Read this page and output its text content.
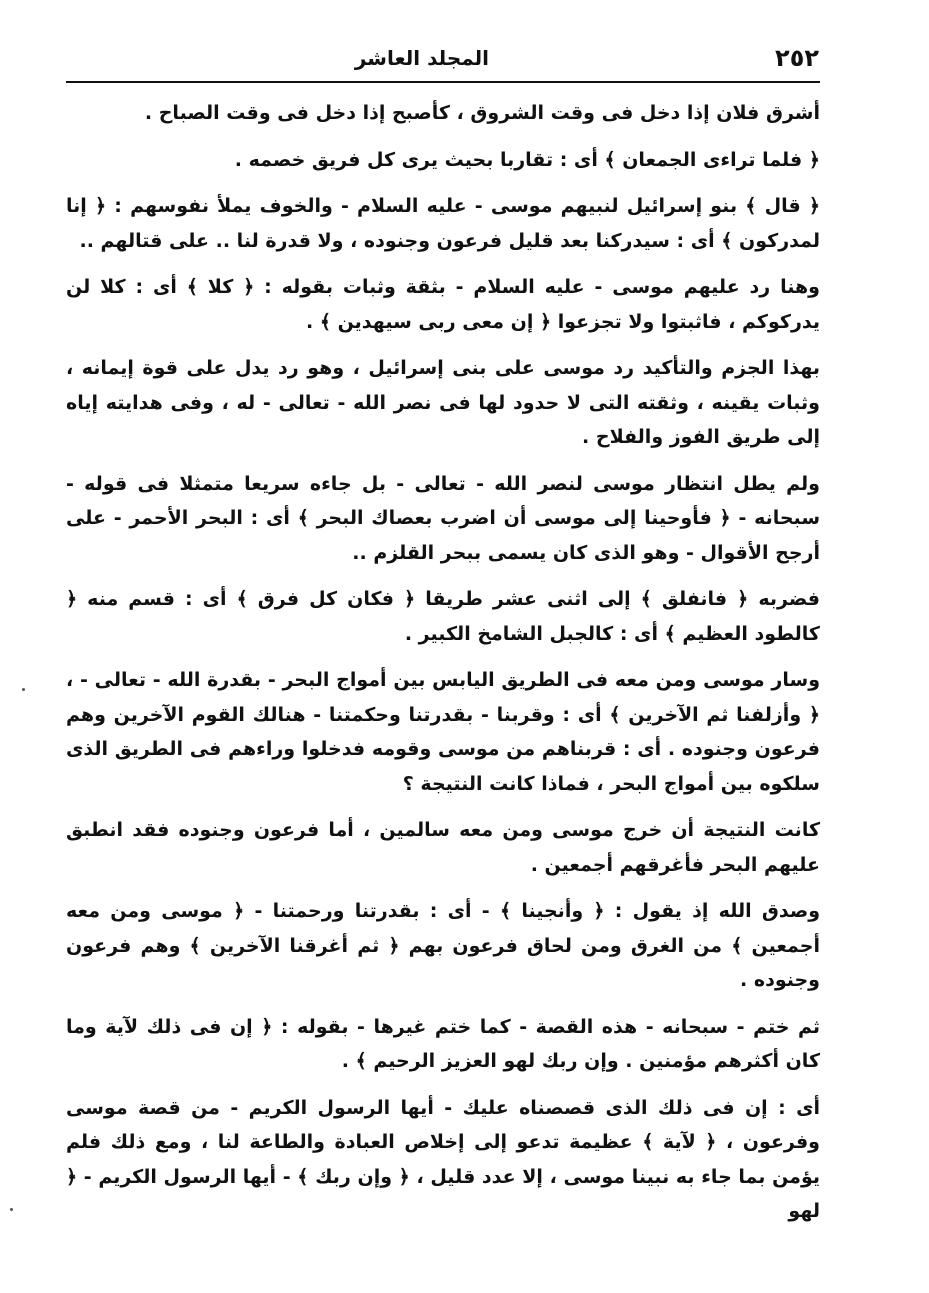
٢٥٢
المجلد العاشر

أشرق فلان إذا دخل فى وقت الشروق ، كأصبح إذا دخل فى وقت الصباح .

﴿ فلما تراءى الجمعان ﴾ أى : تقاربا بحيث يرى كل فريق خصمه .

﴿ قال ﴾ بنو إسرائيل لنبيهم موسى - عليه السلام - والخوف يملأ نفوسهم : ﴿ إنا لمدركون ﴾ أى : سيدركنا بعد قليل فرعون وجنوده ، ولا قدرة لنا .. على قتالهم ..

وهنا رد عليهم موسى - عليه السلام - بثقة وثبات بقوله : ﴿ كلا ﴾ أى : كلا لن يدركوكم ، فاثبتوا ولا تجزعوا ﴿ إن معى ربى سيهدين ﴾ .

بهذا الجزم والتأكيد رد موسى على بنى إسرائيل ، وهو رد يدل على قوة إيمانه ، وثبات يقينه ، وثقته التى لا حدود لها فى نصر الله - تعالى - له ، وفى هدايته إياه إلى طريق الفوز والفلاح .

ولم يطل انتظار موسى لنصر الله - تعالى - بل جاءه سريعا متمثلا فى قوله - سبحانه - ﴿ فأوحينا إلى موسى أن اضرب بعصاك البحر ﴾ أى : البحر الأحمر - على أرجح الأقوال - وهو الذى كان يسمى ببحر القلزم ..

فضربه ﴿ فانفلق ﴾ إلى اثنى عشر طريقا ﴿ فكان كل فرق ﴾ أى : قسم منه ﴿ كالطود العظيم ﴾ أى : كالجبل الشامخ الكبير .

وسار موسى ومن معه فى الطريق اليابس بين أمواج البحر - بقدرة الله - تعالى - ، ﴿ وأزلفنا ثم الآخرين ﴾ أى : وقربنا - بقدرتنا وحكمتنا - هنالك القوم الآخرين وهم فرعون وجنوده . أى : قربناهم من موسى وقومه فدخلوا وراءهم فى الطريق الذى سلكوه بين أمواج البحر ، فماذا كانت النتيجة ؟

كانت النتيجة أن خرج موسى ومن معه سالمين ، أما فرعون وجنوده فقد انطبق عليهم البحر فأغرقهم أجمعين .

وصدق الله إذ يقول : ﴿ وأنجينا ﴾ - أى : بقدرتنا ورحمتنا - ﴿ موسى ومن معه أجمعين ﴾ من الغرق ومن لحاق فرعون بهم ﴿ ثم أغرقنا الآخرين ﴾ وهم فرعون وجنوده .

ثم ختم - سبحانه - هذه القصة - كما ختم غيرها - بقوله : ﴿ إن فى ذلك لآية وما كان أكثرهم مؤمنين . وإن ربك لهو العزيز الرحيم ﴾ .

أى : إن فى ذلك الذى قصصناه عليك - أيها الرسول الكريم - من قصة موسى وفرعون ، ﴿ لآية ﴾ عظيمة تدعو إلى إخلاص العبادة والطاعة لنا ، ومع ذلك فلم يؤمن بما جاء به نبينا موسى ، إلا عدد قليل ، ﴿ وإن ربك ﴾ - أيها الرسول الكريم - ﴿ لهو
